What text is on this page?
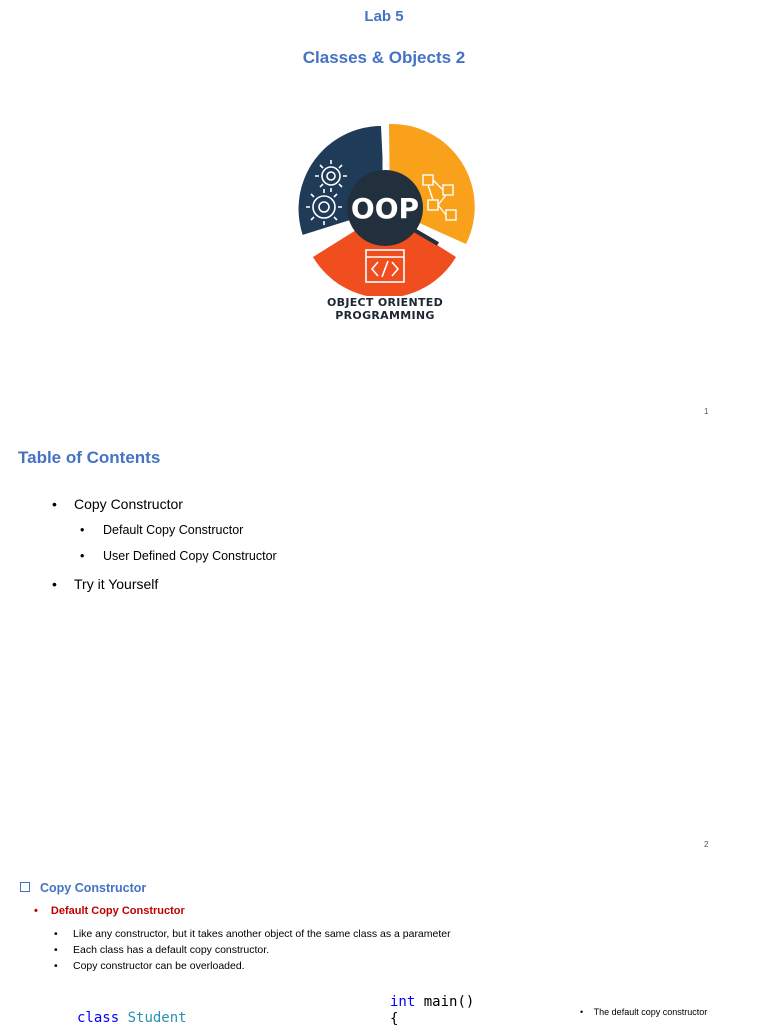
Lab 5
Classes & Objects 2
OOP
OBJECT ORIENTED PROGRAMMING
1
Table of Contents
• Copy Constructor
• Default Copy Constructor
• User Defined Copy Constructor
• Try it Yourself
2
Copy Constructor
• Default Copy Constructor
• Like any constructor, but it takes another object of the same class as a parameter
• Each class has a default copy constructor.
• Copy constructor can be overloaded.
class Student
int main()
{	• The default copy constructor
